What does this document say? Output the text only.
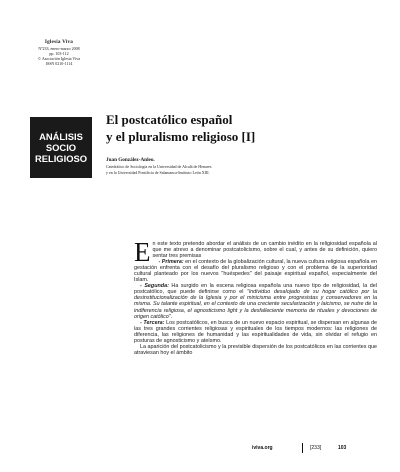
Iglesia Viva
Nº233, enero-marzo 2008
pp. 103-112
© Asociación Iglesia Viva
ISSN 0210-1114
ANÁLISIS
SOCIO
RELIGIOSO
El postcatólico español
y el pluralismo religioso [I]
Juan González-Anleo.
Catedrático de Sociología en la Universidad de Alcalá de Henares
y en la Universidad Pontificia de Salamanca-Instituto León XIII.

En este texto pretendo abordar el análisis de un cambio inédito en la religiosidad española al que me atrevo a denominar postcatolicismo, sobre el cual, y antes de su definición, quiero sentar tres premisas

- Primera: en el contexto de la globalización cultural, la nueva cultura religiosa española en gestación enfrenta con el desafío del pluralismo religioso y con el problema de la superioridad cultural planteado por los nuevos "huéspedes" del paisaje espiritual español, especialmente del Islam.

- Segunda: Ha surgido en la escena religiosa española una nuevo tipo de religiosidad, la del postcatólico, que puede definirse como el "individuo desalojado de su hogar católico por la desinstitucionalización de la Iglesia y por el minicisma entre progresistas y conservadores en la misma. Su talante espiritual, en el contexto de una creciente secularización y laicismo, se nutre de la indiferencia religiosa, el agnosticismo light y la desfalleciente memoria de rituales y devociones de origen católico".

- Tercera: Los postcatólicos, en busca de un nuevo espacio espiritual, se dispersan en algunas de las tres grandes corrientes religiosas y espirituales de los tiempos modernos: las religiones de diferencia, las religiones de humanidad y las espiritualidades de vida, sin olvidar el refugio en posturas de agnosticismo y ateísmo.

La aparición del postcatolicismo y la previsible dispersión de los postcatólicos en las corrientes que atraviesan hoy el ámbito

iviva.org	[233]	103
